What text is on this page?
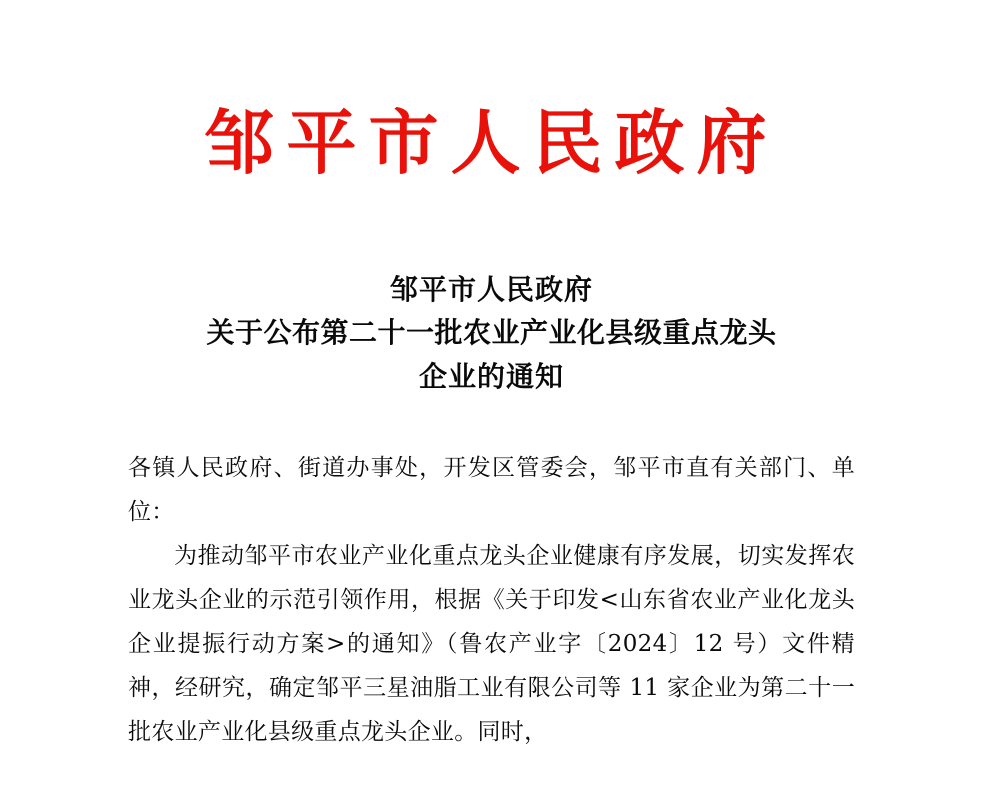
邹平市人民政府
邹平市人民政府
关于公布第二十一批农业产业化县级重点龙头
企业的通知

各镇人民政府、街道办事处，开发区管委会，邹平市直有关部门、单位：

为推动邹平市农业产业化重点龙头企业健康有序发展，切实发挥农业龙头企业的示范引领作用，根据《关于印发<山东省农业产业化龙头企业提振行动方案>的通知》（鲁农产业字〔2024〕12 号）文件精神，经研究，确定邹平三星油脂工业有限公司等 11 家企业为第二十一批农业产业化县级重点龙头企业。同时，
